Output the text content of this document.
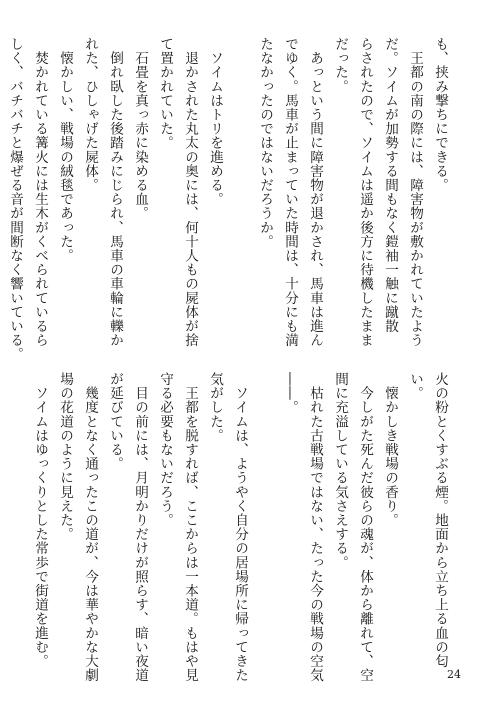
も、挟み撃ちにできる。

　王都の南の際には、障害物が敷かれていたよう

だ。ソイムが加勢する間もなく鎧袖一触に蹴散

らされたので、ソイムは遥か後方に待機したまま

だった。

　あっという間に障害物が退かされ、馬車は進ん

でゆく。馬車が止まっていた時間は、十分にも満

たなかったのではないだろうか。

　ソイムはトリを進める。

　退かされた丸太の奥には、何十人もの屍体が捨

て置かれていた。

　石畳を真っ赤に染める血。

　倒れ臥した後踏みにじられ、馬車の車輪に轢か

れた、ひしゃげた屍体。

　懐かしい、戦場の絨毯であった。

　焚かれている篝火には生木がくべられているら

しく、バチバチと爆ぜる音が間断なく響いている。

火の粉とくすぶる煙。地面から立ち上る血の匂

い。

　懐かしき戦場の香り。

　今しがた死んだ彼らの魂が、体から離れて、空

間に充溢している気さえする。

　枯れた古戦場ではない、たった今の戦場の空気

――。

　ソイムは、ようやく自分の居場所に帰ってきた

気がした。

　王都を脱すれば、ここからは一本道。もはや見

守る必要もないだろう。

　目の前には、月明かりだけが照らす、暗い夜道

が延びている。

　幾度となく通ったこの道が、今は華やかな大劇

場の花道のように見えた。

　ソイムはゆっくりとした常歩で街道を進む。

24
